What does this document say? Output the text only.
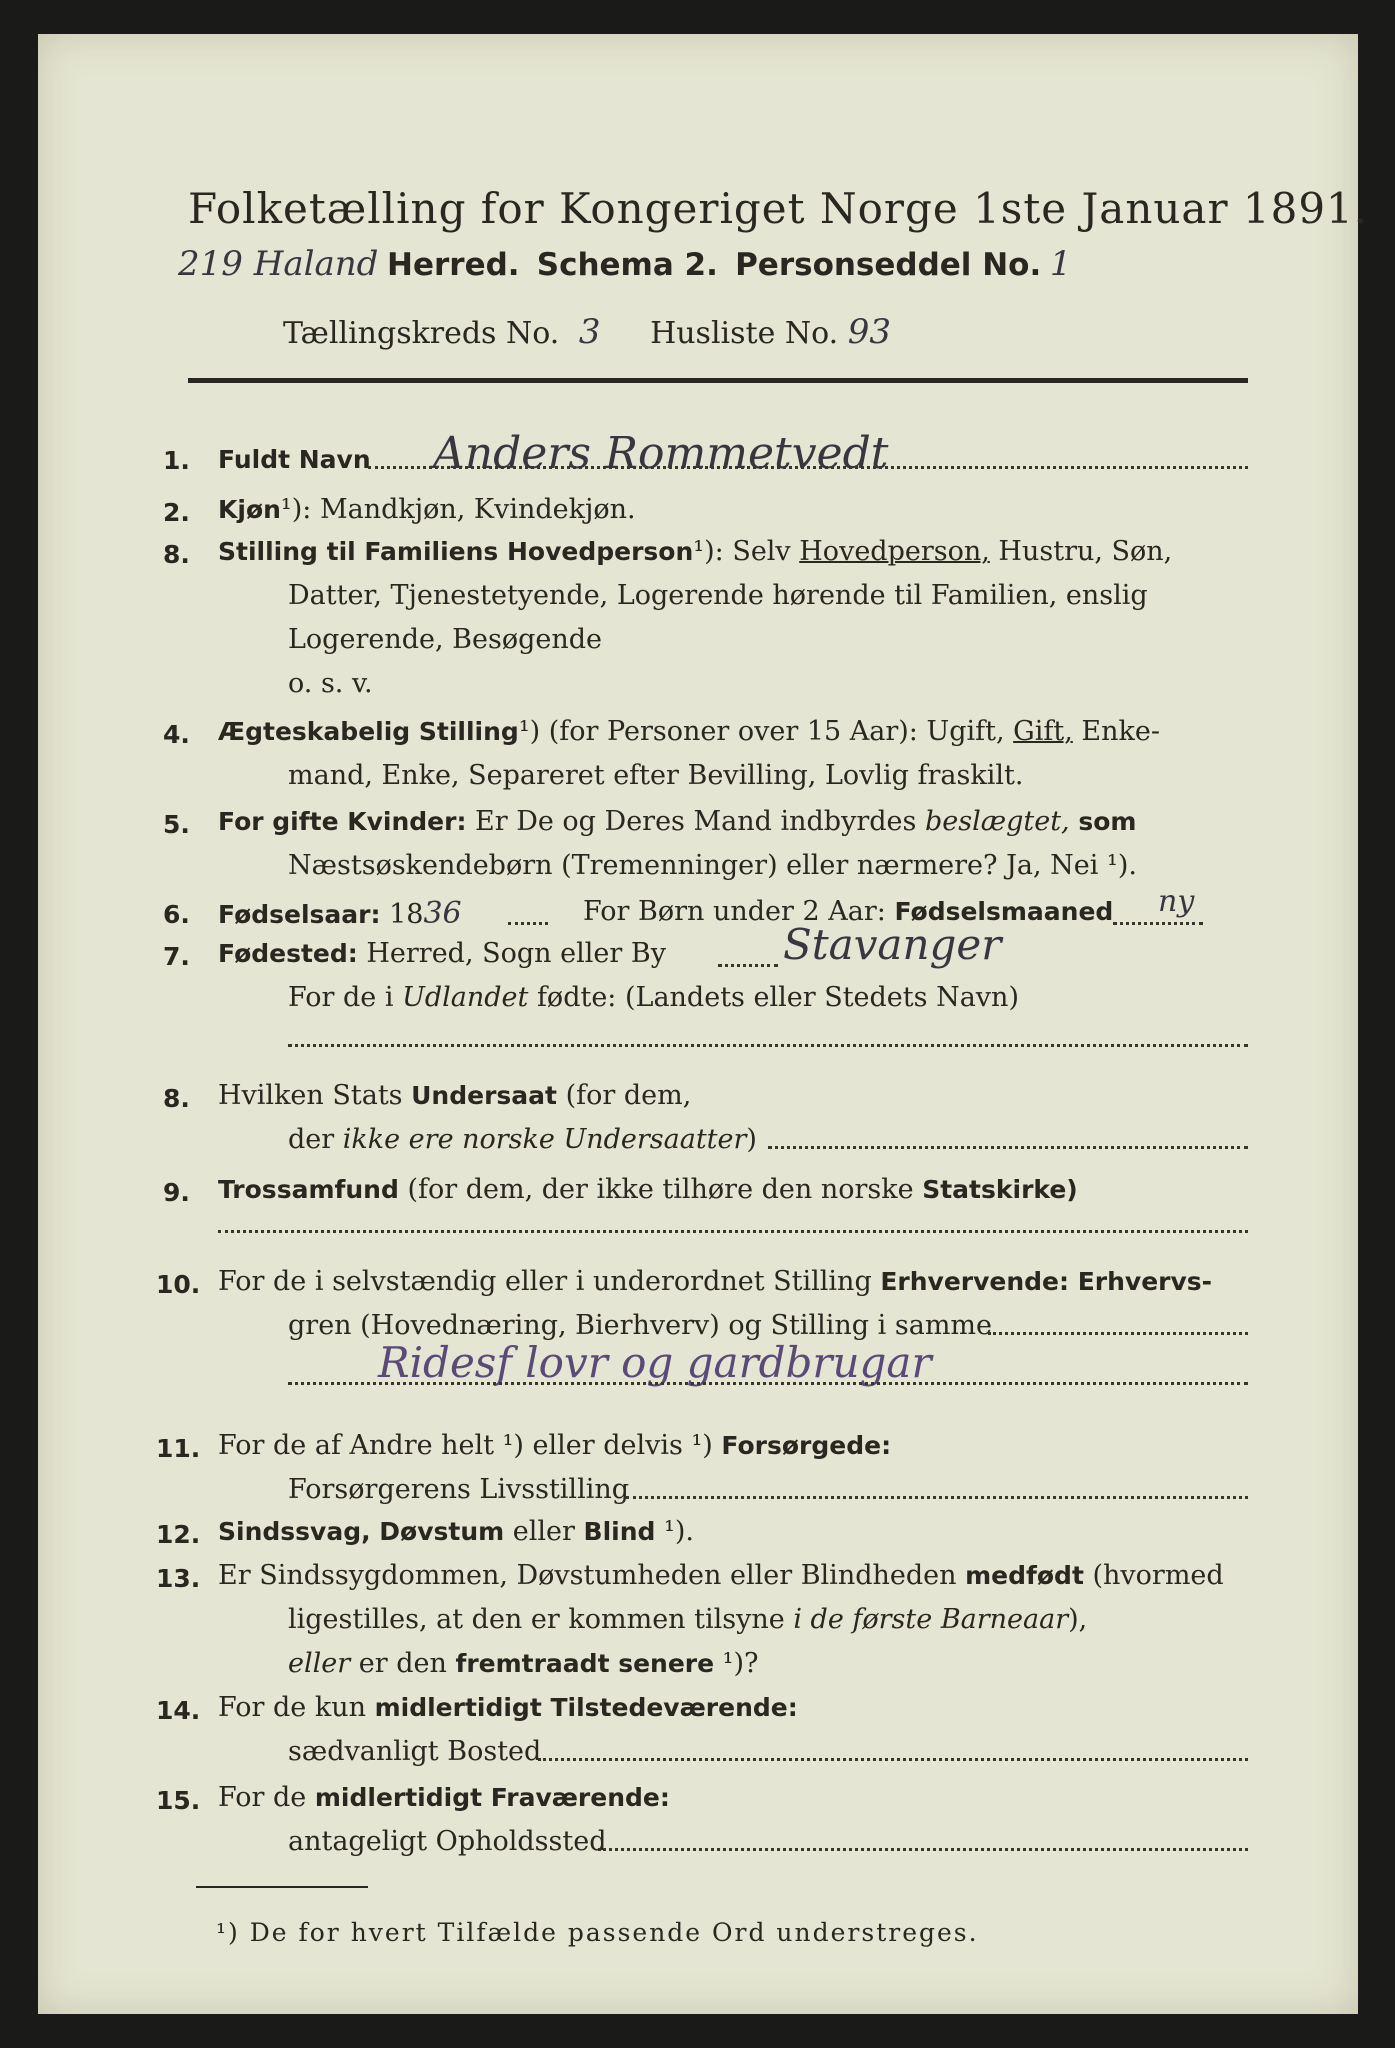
Folketælling for Kongeriget Norge 1ste Januar 1891.
219 Haland Herred. Schema 2. Personseddel No. 1
Tællingskreds No. 3 Husliste No. 93
1. Fuldt Navn Anders Rommetvedt
2. Kjøn¹): Mandkjøn, Kvindekjøn.
8. Stilling til Familiens Hovedperson¹): Selv Hovedperson, Hustru, Søn,
Datter, Tjenestetyende, Logerende hørende til Familien, enslig
Logerende, Besøgende
o. s. v.
4. Ægteskabelig Stilling¹) (for Personer over 15 Aar): Ugift, Gift, Enke-
mand, Enke, Separeret efter Bevilling, Lovlig fraskilt.
5. For gifte Kvinder: Er De og Deres Mand indbyrdes beslægtet, som
Næstsøskendebørn (Tremenninger) eller nærmere? Ja, Nei ¹).
6. Fødselsaar: 1836	For Børn under 2 Aar: Fødselsmaaned ny
7. Fødested: Herred, Sogn eller By	Stavanger
For de i Udlandet fødte: (Landets eller Stedets Navn)
8. Hvilken Stats Undersaat (for dem,
der ikke ere norske Undersaatter)
9. Trossamfund (for dem, der ikke tilhøre den norske Statskirke)
10. For de i selvstændig eller i underordnet Stilling Erhvervende: Erhvervs-
gren (Hovednæring, Bierhverv) og Stilling i samme
Ridesf lovr og gardbrugar
11. For de af Andre helt ¹) eller delvis ¹) Forsørgede:
Forsørgerens Livsstilling
12. Sindssvag, Døvstum eller Blind ¹).
13. Er Sindssygdommen, Døvstumheden eller Blindheden medfødt (hvormed
ligestilles, at den er kommen tilsyne i de første Barneaar),
eller er den fremtraadt senere ¹)?
14. For de kun midlertidigt Tilstedeværende:
sædvanligt Bosted
15. For de midlertidigt Fraværende:
antageligt Opholdssted
¹) De for hvert Tilfælde passende Ord understreges.
